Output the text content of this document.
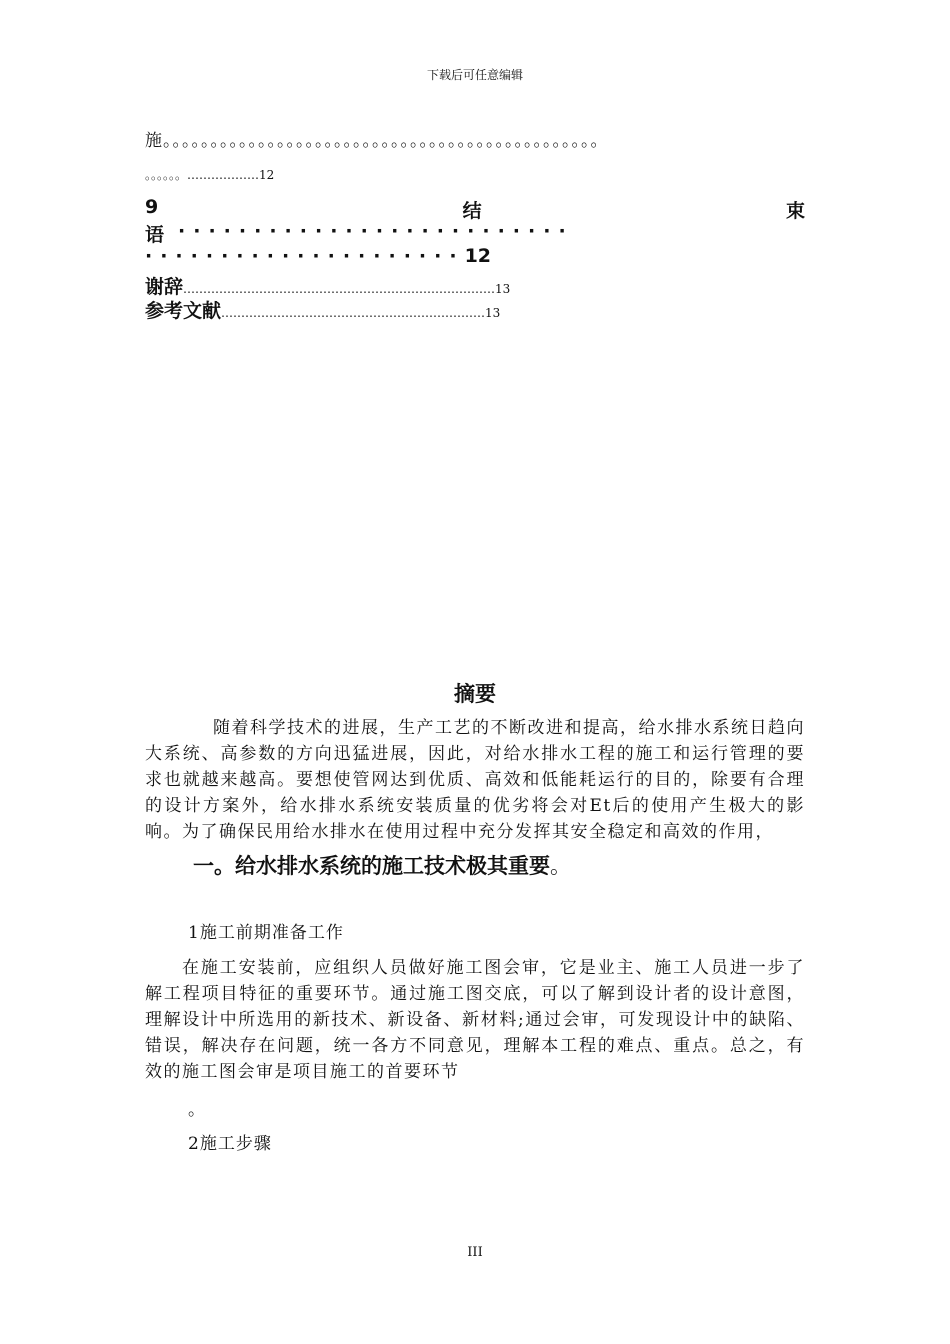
下载后可任意编辑
施。。。。。。。。。。。。。。。。。。。。。。。。。。。。。。。。。。。。。。。。。。。。。。
。。。。。。………………12
9	结	束
语 ··························
·····················12
谢辞……………………………………………………………………13
参考文献…………………………………………………………13
摘要
随着科学技术的进展，生产工艺的不断改进和提高，给水排水系统日趋向大系统、高参数的方向迅猛进展，因此，对给水排水工程的施工和运行管理的要求也就越来越高。要想使管网达到优质、高效和低能耗运行的目的，除要有合理的设计方案外，给水排水系统安装质量的优劣将会对Et后的使用产生极大的影响。为了确保民用给水排水在使用过程中充分发挥其安全稳定和高效的作用，
一。给水排水系统的施工技术极其重要。
1施工前期准备工作
在施工安装前，应组织人员做好施工图会审，它是业主、施工人员进一步了解工程项目特征的重要环节。通过施工图交底，可以了解到设计者的设计意图，理解设计中所选用的新技术、新设备、新材料;通过会审，可发现设计中的缺陷、错误，解决存在问题，统一各方不同意见，理解本工程的难点、重点。总之，有效的施工图会审是项目施工的首要环节
。
2施工步骤
III
